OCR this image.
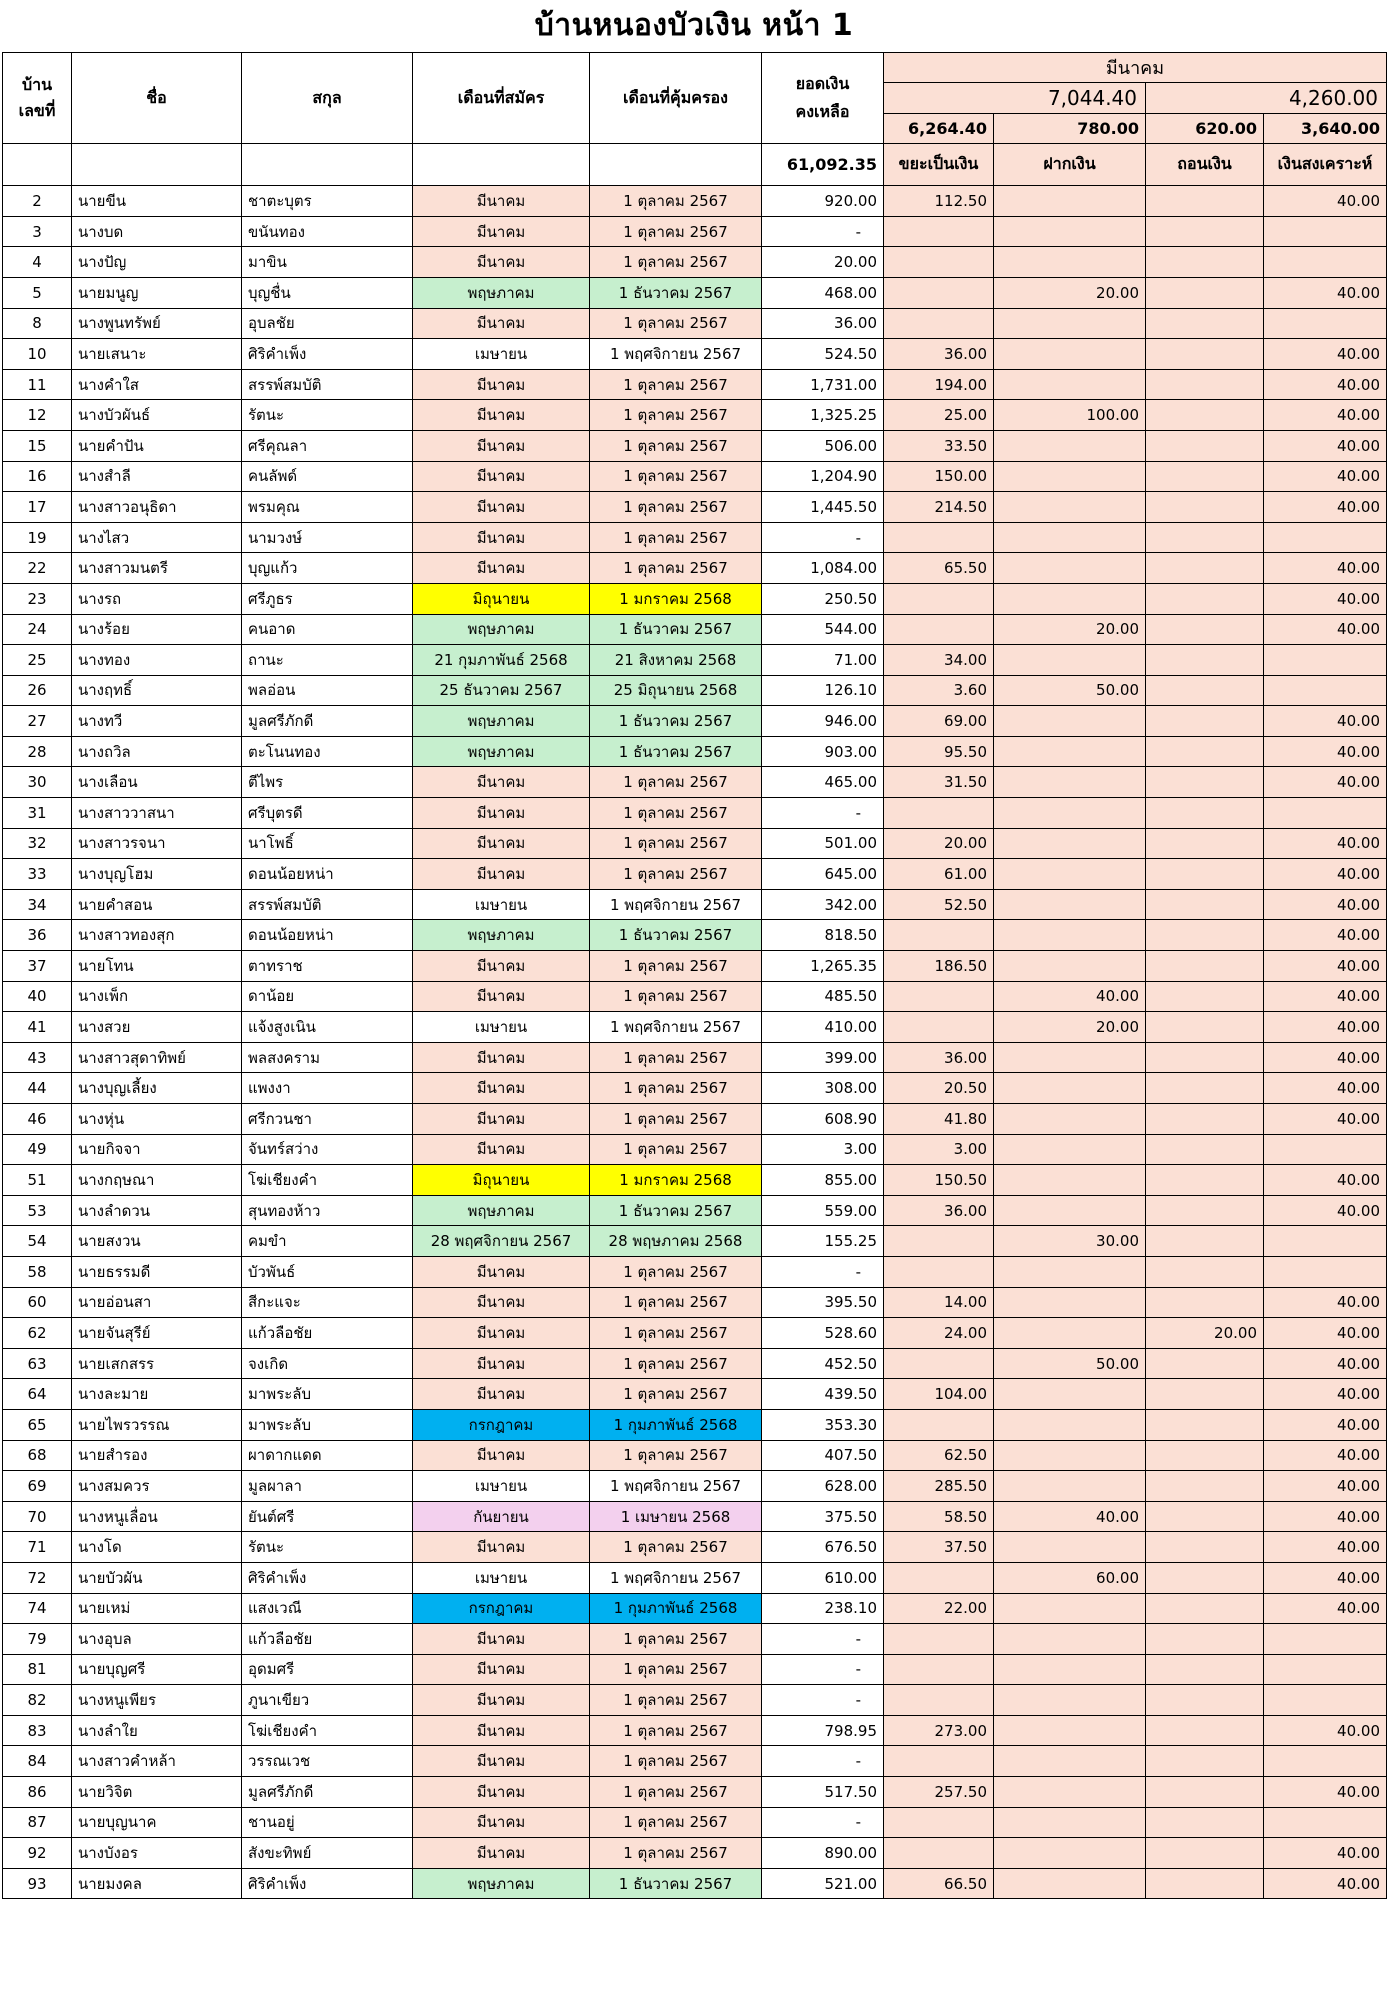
บ้านหนองบัวเงิน หน้า 1
บ้าน
เลขที่	ชื่อ	สกุล	เดือนที่สมัคร	เดือนที่คุ้มครอง	ยอดเงิน
คงเหลือ	มีนาคม			
						7,044.40		4,260.00	
						6,264.40	780.00	620.00	3,640.00
					61,092.35	ขยะเป็นเงิน	ฝากเงิน	ถอนเงิน	เงินสงเคราะห์
2	นายขีน	ชาตะบุตร	มีนาคม	1 ตุลาคม 2567	920.00	112.50			40.00
3	นางบด	ขนันทอง	มีนาคม	1 ตุลาคม 2567	-				
4	นางปัญ	มาขิน	มีนาคม	1 ตุลาคม 2567	20.00				
5	นายมนูญ	บุญชื่น	พฤษภาคม	1 ธันวาคม 2567	468.00		20.00		40.00
8	นางพูนทรัพย์	อุบลชัย	มีนาคม	1 ตุลาคม 2567	36.00				
10	นายเสนาะ	ศิริคำเพ็ง	เมษายน	1 พฤศจิกายน 2567	524.50	36.00			40.00
11	นางคำใส	สรรพ์สมบัติ	มีนาคม	1 ตุลาคม 2567	1,731.00	194.00			40.00
12	นางบัวผันธ์	รัตนะ	มีนาคม	1 ตุลาคม 2567	1,325.25	25.00	100.00		40.00
15	นายคำปัน	ศรีคุณลา	มีนาคม	1 ตุลาคม 2567	506.00	33.50			40.00
16	นางสำลี	คนลัพด์	มีนาคม	1 ตุลาคม 2567	1,204.90	150.00			40.00
17	นางสาวอนุธิดา	พรมคุณ	มีนาคม	1 ตุลาคม 2567	1,445.50	214.50			40.00
19	นางไสว	นามวงษ์	มีนาคม	1 ตุลาคม 2567	-				
22	นางสาวมนตรี	บุญแก้ว	มีนาคม	1 ตุลาคม 2567	1,084.00	65.50			40.00
23	นางรถ	ศรีภูธร	มิถุนายน	1 มกราคม 2568	250.50				40.00
24	นางร้อย	คนอาด	พฤษภาคม	1 ธันวาคม 2567	544.00		20.00		40.00
25	นางทอง	ถานะ	21 กุมภาพันธ์ 2568	21 สิงหาคม 2568	71.00	34.00			
26	นางฤทธิ์	พลอ่อน	25 ธันวาคม 2567	25 มิถุนายน 2568	126.10	3.60	50.00		
27	นางทวี	มูลศรีภักดี	พฤษภาคม	1 ธันวาคม 2567	946.00	69.00			40.00
28	นางถวิล	ตะโนนทอง	พฤษภาคม	1 ธันวาคม 2567	903.00	95.50			40.00
30	นางเลือน	ตีไพร	มีนาคม	1 ตุลาคม 2567	465.00	31.50			40.00
31	นางสาววาสนา	ศรีบุตรดี	มีนาคม	1 ตุลาคม 2567	-				
32	นางสาวรจนา	นาโพธิ์	มีนาคม	1 ตุลาคม 2567	501.00	20.00			40.00
33	นางบุญโฮม	ดอนน้อยหน่า	มีนาคม	1 ตุลาคม 2567	645.00	61.00			40.00
34	นายคำสอน	สรรพ์สมบัติ	เมษายน	1 พฤศจิกายน 2567	342.00	52.50			40.00
36	นางสาวทองสุก	ดอนน้อยหน่า	พฤษภาคม	1 ธันวาคม 2567	818.50				40.00
37	นายโทน	ตาทราช	มีนาคม	1 ตุลาคม 2567	1,265.35	186.50			40.00
40	นางเพ็ก	ดาน้อย	มีนาคม	1 ตุลาคม 2567	485.50		40.00		40.00
41	นางสวย	แจ้งสูงเนิน	เมษายน	1 พฤศจิกายน 2567	410.00		20.00		40.00
43	นางสาวสุดาทิพย์	พลสงคราม	มีนาคม	1 ตุลาคม 2567	399.00	36.00			40.00
44	นางบุญเลี้ยง	แพงงา	มีนาคม	1 ตุลาคม 2567	308.00	20.50			40.00
46	นางหุ่น	ศรีกวนชา	มีนาคม	1 ตุลาคม 2567	608.90	41.80			40.00
49	นายกิจจา	จันทร์สว่าง	มีนาคม	1 ตุลาคม 2567	3.00	3.00			
51	นางกฤษณา	โฆ่เชียงคำ	มิถุนายน	1 มกราคม 2568	855.00	150.50			40.00
53	นางลำดวน	สุนทองห้าว	พฤษภาคม	1 ธันวาคม 2567	559.00	36.00			40.00
54	นายสงวน	คมขำ	28 พฤศจิกายน 2567	28 พฤษภาคม 2568	155.25		30.00		
58	นายธรรมดี	บัวพันธ์	มีนาคม	1 ตุลาคม 2567	-				
60	นายอ่อนสา	สีกะแจะ	มีนาคม	1 ตุลาคม 2567	395.50	14.00			40.00
62	นายจันสุรีย์	แก้วลือชัย	มีนาคม	1 ตุลาคม 2567	528.60	24.00		20.00	40.00
63	นายเสกสรร	จงเกิด	มีนาคม	1 ตุลาคม 2567	452.50		50.00		40.00
64	นางละมาย	มาพระลับ	มีนาคม	1 ตุลาคม 2567	439.50	104.00			40.00
65	นายไพรวรรณ	มาพระลับ	กรกฎาคม	1 กุมภาพันธ์ 2568	353.30				40.00
68	นายสำรอง	ผาดากแดด	มีนาคม	1 ตุลาคม 2567	407.50	62.50			40.00
69	นางสมควร	มูลผาลา	เมษายน	1 พฤศจิกายน 2567	628.00	285.50			40.00
70	นางหนูเลื่อน	ยันต์ศรี	กันยายน	1 เมษายน 2568	375.50	58.50	40.00		40.00
71	นางโด	รัตนะ	มีนาคม	1 ตุลาคม 2567	676.50	37.50			40.00
72	นายบัวผัน	ศิริคำเพ็ง	เมษายน	1 พฤศจิกายน 2567	610.00		60.00		40.00
74	นายเหม่	แสงเวณี	กรกฎาคม	1 กุมภาพันธ์ 2568	238.10	22.00			40.00
79	นางอุบล	แก้วลือชัย	มีนาคม	1 ตุลาคม 2567	-				
81	นายบุญศรี	อุดมศรี	มีนาคม	1 ตุลาคม 2567	-				
82	นางหนูเพียร	ภูนาเขียว	มีนาคม	1 ตุลาคม 2567	-				
83	นางลำใย	โฆ่เชียงคำ	มีนาคม	1 ตุลาคม 2567	798.95	273.00			40.00
84	นางสาวคำหล้า	วรรณเวช	มีนาคม	1 ตุลาคม 2567	-				
86	นายวิจิต	มูลศรีภักดี	มีนาคม	1 ตุลาคม 2567	517.50	257.50			40.00
87	นายบุญนาค	ชานอยู่	มีนาคม	1 ตุลาคม 2567	-				
92	นางบังอร	สังขะทิพย์	มีนาคม	1 ตุลาคม 2567	890.00				40.00
93	นายมงคล	ศิริคำเพ็ง	พฤษภาคม	1 ธันวาคม 2567	521.00	66.50			40.00
